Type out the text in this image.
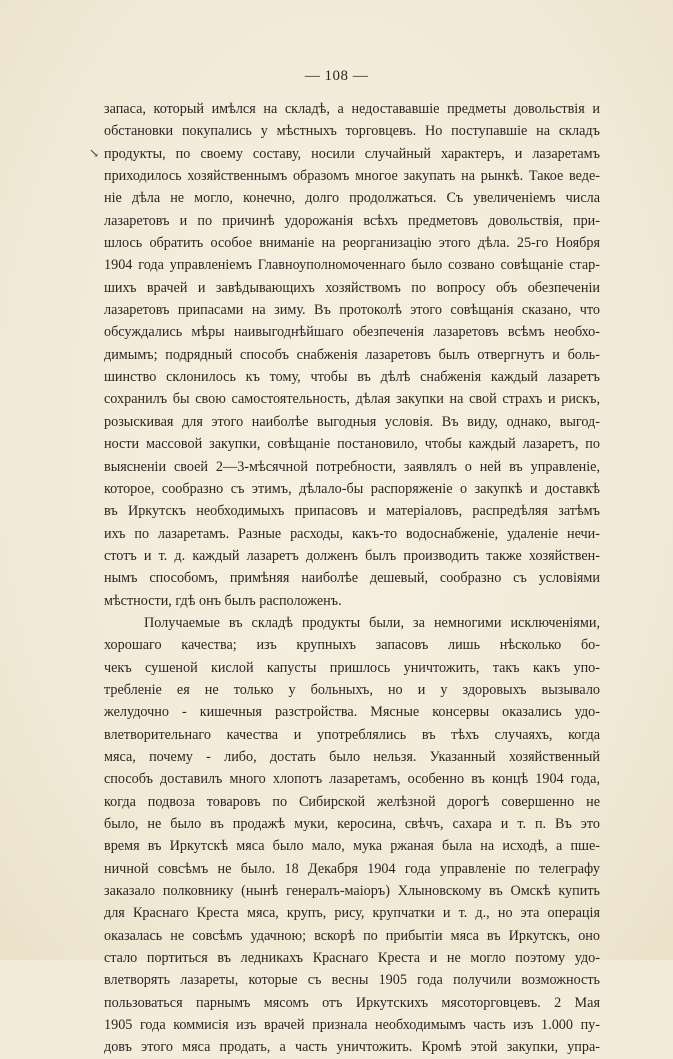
— 108 —
↘
запаса, который имѣлся на складѣ, а недостававшiе предметы довольствiя и
обстановки покупались у мѣстныхъ торговцевъ. Но поступавшiе на складъ
продукты, по своему составу, носили случайный характеръ, и лазаретамъ
приходилось хозяйственнымъ образомъ многое закупать на рынкѣ. Такое веде-
нiе дѣла не могло, конечно, долго продолжаться. Съ увеличенiемъ числа
лазаретовъ и по причинѣ удорожанiя всѣхъ предметовъ довольствiя, при-
шлось обратить особое вниманiе на реорганизацiю этого дѣла. 25-го Ноября
1904 года управленiемъ Главноуполномоченнаго было созвано совѣщанiе стар-
шихъ врачей и завѣдывающихъ хозяйствомъ по вопросу объ обезпеченiи
лазаретовъ припасами на зиму. Въ протоколѣ этого совѣщанiя сказано, что
обсуждались мѣры наивыгоднѣйшаго обезпеченiя лазаретовъ всѣмъ необхо-
димымъ; подрядный способъ снабженiя лазаретовъ былъ отвергнутъ и боль-
шинство склонилось къ тому, чтобы въ дѣлѣ снабженiя каждый лазаретъ
сохранилъ бы свою самостоятельность, дѣлая закупки на свой страхъ и рискъ,
розыскивая для этого наиболѣе выгодныя условiя. Въ виду, однако, выгод-
ности массовой закупки, совѣщанiе постановило, чтобы каждый лазаретъ, по
выясненiи своей 2—3-мѣсячной потребности, заявлялъ о ней въ управленiе,
которое, сообразно съ этимъ, дѣлало-бы распоряженiе о закупкѣ и доставкѣ
въ Иркутскъ необходимыхъ припасовъ и матерiаловъ, распредѣляя затѣмъ
ихъ по лазаретамъ. Разные расходы, какъ-то водоснабженiе, удаленiе нечи-
стотъ и т. д. каждый лазаретъ долженъ былъ производить также хозяйствен-
нымъ способомъ, примѣняя наиболѣе дешевый, сообразно съ условiями
мѣстности, гдѣ онъ былъ расположенъ.
Получаемые въ складѣ продукты были, за немногими исключенiями,
хорошаго качества; изъ крупныхъ запасовъ лишь нѣсколько бо-
чекъ сушеной кислой капусты пришлось уничтожить, такъ какъ упо-
требленiе ея не только у больныхъ, но и у здоровыхъ вызывало
желудочно - кишечныя разстройства. Мясные консервы оказались удо-
влетворительнаго качества и употреблялись въ тѣхъ случаяхъ, когда
мяса, почему - либо, достать было нельзя. Указанный хозяйственный
способъ доставилъ много хлопотъ лазаретамъ, особенно въ концѣ 1904 года,
когда подвоза товаровъ по Сибирской желѣзной дорогѣ совершенно не
было, не было въ продажѣ муки, керосина, свѣчъ, сахара и т. п. Въ это
время въ Иркутскѣ мяса было мало, мука ржаная была на исходѣ, а пше-
ничной совсѣмъ не было. 18 Декабря 1904 года управленiе по телеграфу
заказало полковнику (нынѣ генералъ-маiоръ) Хлыновскому въ Омскѣ купить
для Краснаго Креста мяса, крупъ, рису, крупчатки и т. д., но эта операцiя
оказалась не совсѣмъ удачною; вскорѣ по прибытiи мяса въ Иркутскъ, оно
стало портиться въ ледникахъ Краснаго Креста и не могло поэтому удо-
влетворять лазареты, которые съ весны 1905 года получили возможность
пользоваться парнымъ мясомъ отъ Иркутскихъ мясоторговцевъ. 2 Мая
1905 года коммисiя изъ врачей признала необходимымъ часть изъ 1.000 пу-
довъ этого мяса продать, а часть уничтожить. Кромѣ этой закупки, упра-
